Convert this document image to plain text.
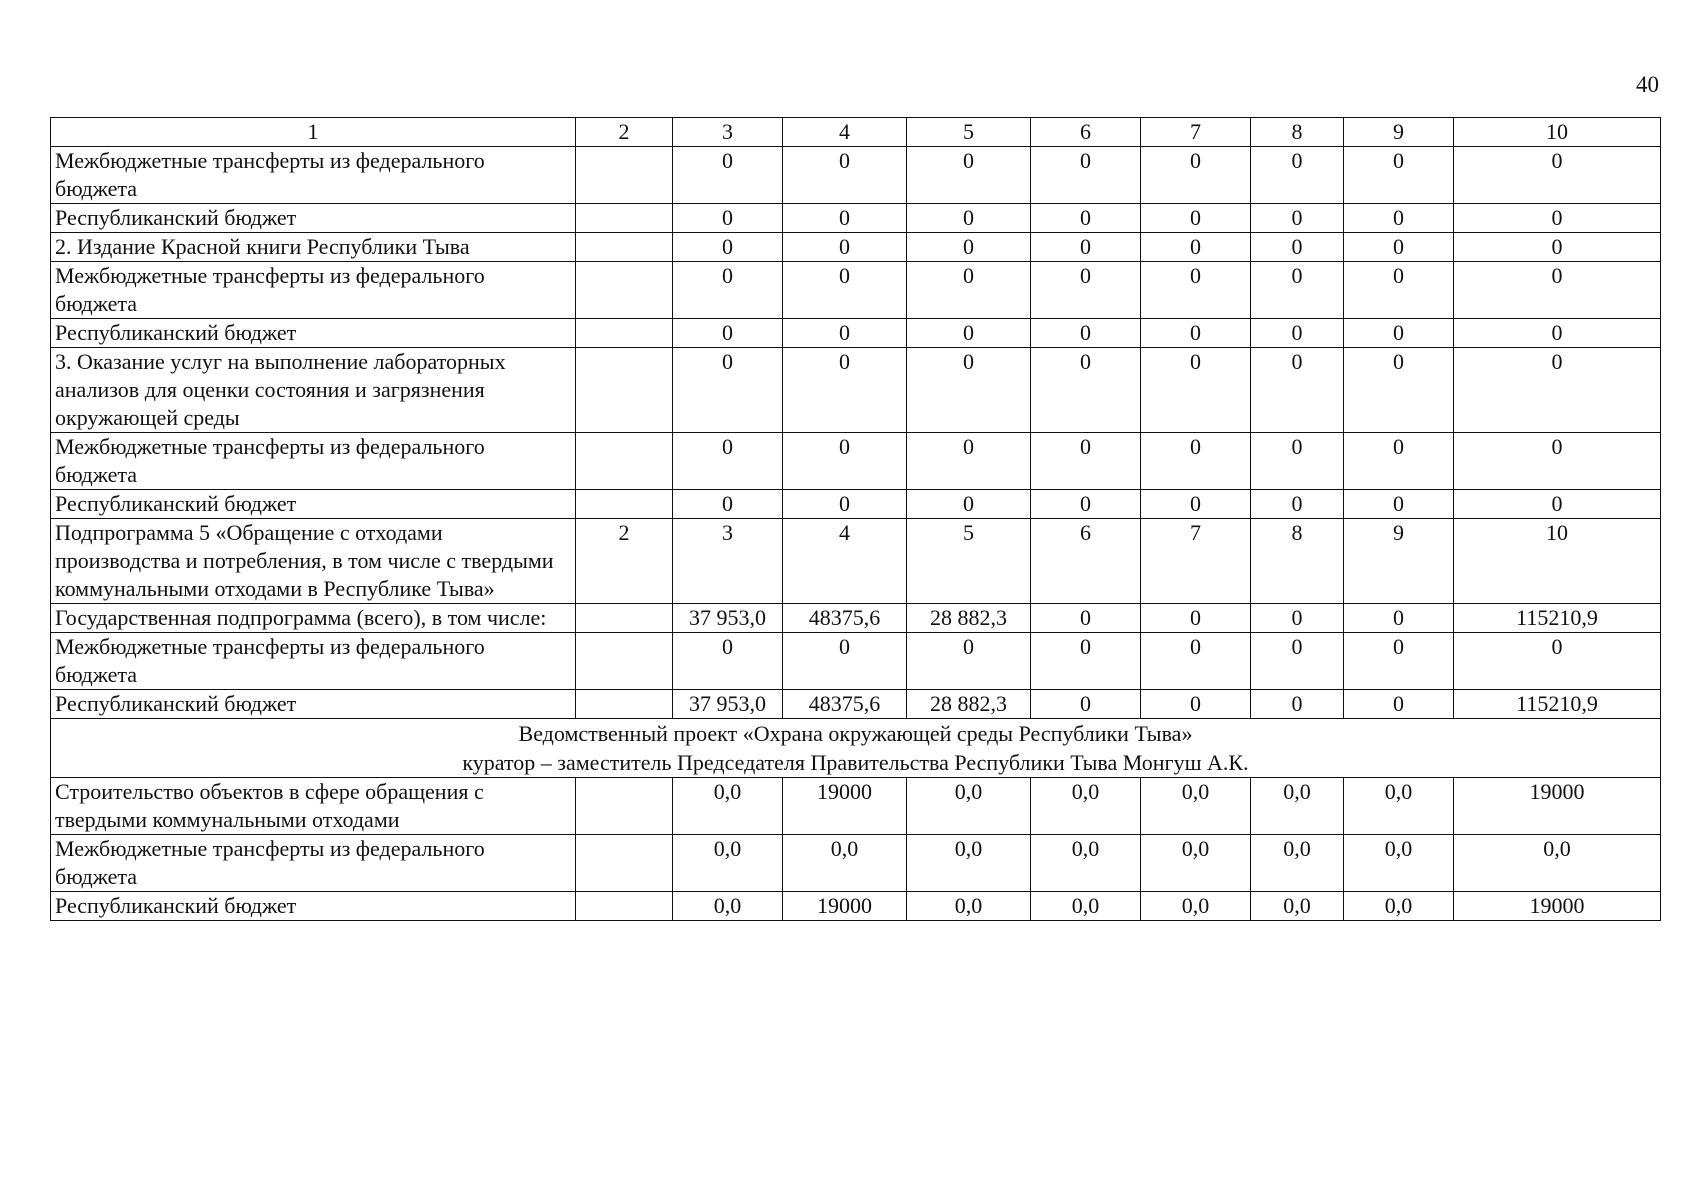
40
1	2	3	4	5	6	7	8	9	10
Межбюджетные трансферты из федерального бюджета		0	0	0	0	0	0	0	0
Республиканский бюджет		0	0	0	0	0	0	0	0
2. Издание Красной книги Республики Тыва		0	0	0	0	0	0	0	0
Межбюджетные трансферты из федерального бюджета		0	0	0	0	0	0	0	0
Республиканский бюджет		0	0	0	0	0	0	0	0
3. Оказание услуг на выполнение лабораторных анализов для оценки состояния и загрязнения окружающей среды		0	0	0	0	0	0	0	0
Межбюджетные трансферты из федерального бюджета		0	0	0	0	0	0	0	0
Республиканский бюджет		0	0	0	0	0	0	0	0
Подпрограмма 5 «Обращение с отходами производства и потребления, в том числе с твердыми коммунальными отходами в Республике Тыва»	2	3	4	5	6	7	8	9	10
Государственная подпрограмма (всего), в том числе:		37 953,0	48375,6	28 882,3	0	0	0	0	115210,9
Межбюджетные трансферты из федерального бюджета		0	0	0	0	0	0	0	0
Республиканский бюджет		37 953,0	48375,6	28 882,3	0	0	0	0	115210,9

Ведомственный проект «Охрана окружающей среды Республики Тыва»
куратор – заместитель Председателя Правительства Республики Тыва Монгуш А.К.									

Строительство объектов в сфере обращения с твердыми коммунальными отходами		0,0	19000	0,0	0,0	0,0	0,0	0,0	19000
Межбюджетные трансферты из федерального бюджета		0,0	0,0	0,0	0,0	0,0	0,0	0,0	0,0
Республиканский бюджет		0,0	19000	0,0	0,0	0,0	0,0	0,0	19000
